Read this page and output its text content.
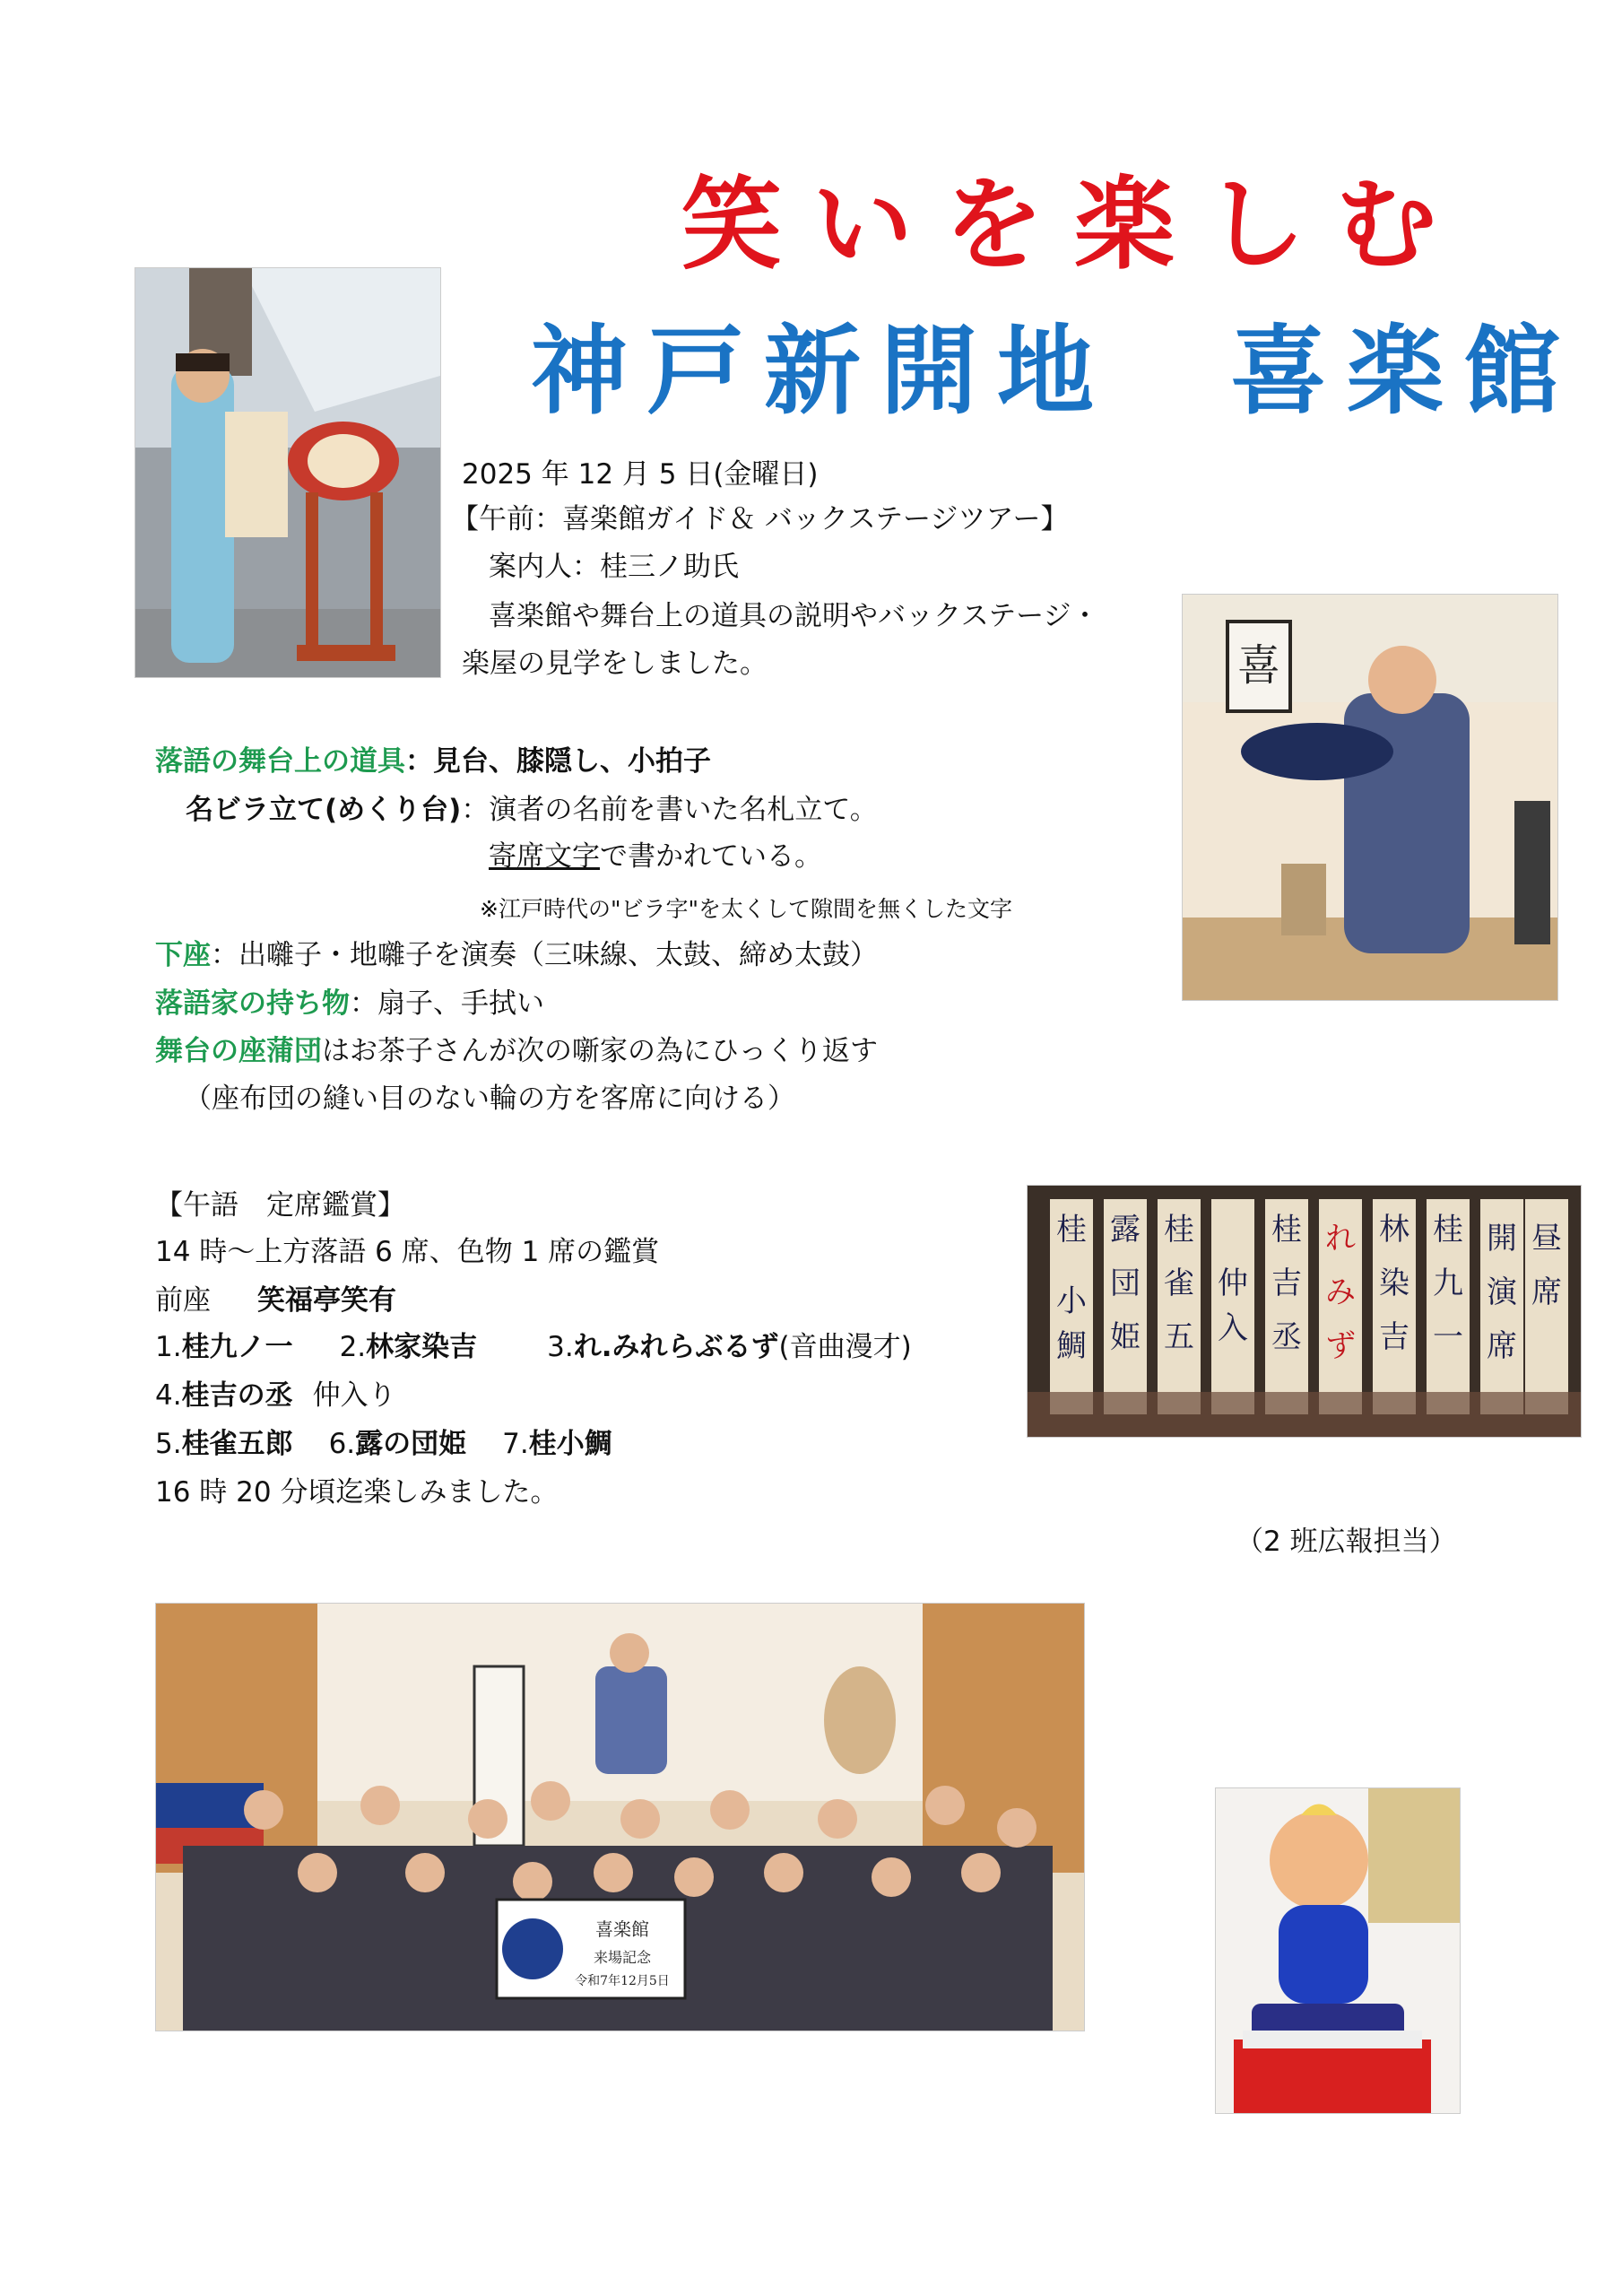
笑いを楽しむ
神戸新開地　喜楽館
喜
桂
小
鯛
露
団
姫
桂
雀
五
仲
入
桂
吉
丞
れ
み
ず
林
染
吉
桂
九
一
開
演
席
昼
席
喜楽館
来場記念
令和7年12月5日
2025 年 12 月 5 日(金曜日)
【午前：喜楽館ガイド＆ バックステージツアー】
案内人：桂三ノ助氏
喜楽館や舞台上の道具の説明やバックステージ・
楽屋の見学をしました。
落語の舞台上の道具：見台、膝隠し、小拍子
名ビラ立て(めくり台)：演者の名前を書いた名札立て。
寄席文字で書かれている。
※江戸時代の"ビラ字"を太くして隙間を無くした文字
下座：出囃子・地囃子を演奏（三味線、太鼓、締め太鼓）
落語家の持ち物：扇子、手拭い
舞台の座蒲団はお茶子さんが次の噺家の為にひっくり返す
（座布団の縫い目のない輪の方を客席に向ける）
【午語　定席鑑賞】
14 時～上方落語 6 席、色物 1 席の鑑賞
前座 笑福亭笑有
1.桂九ノ一 2.林家染吉	3.れ.みれらぶるず(音曲漫才)
4.桂吉の丞 仲入り
5.桂雀五郎 6.露の団姫 7.桂小鯛
16 時 20 分頃迄楽しみました。
（2 班広報担当）
